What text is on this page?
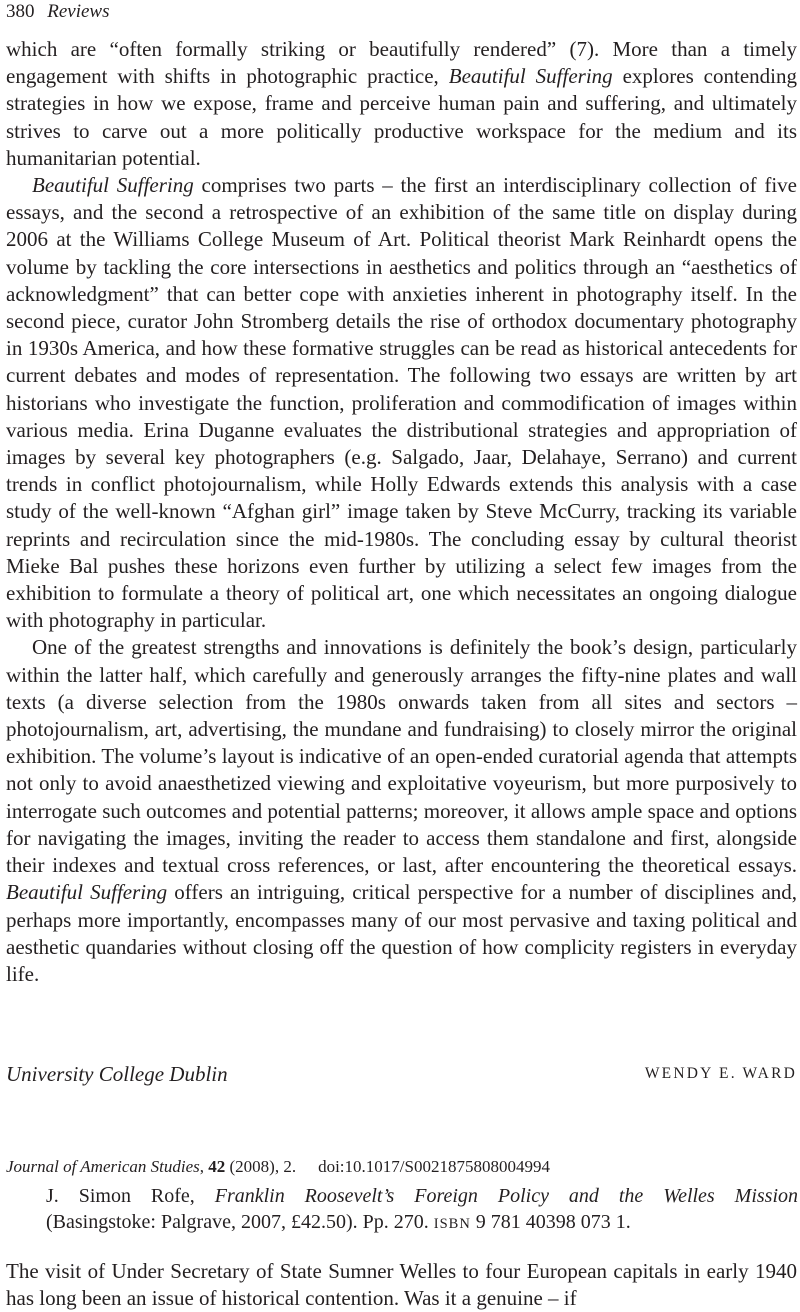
380 Reviews

which are “often formally striking or beautifully rendered” (7). More than a timely engagement with shifts in photographic practice, Beautiful Suffering explores contending strategies in how we expose, frame and perceive human pain and suffering, and ultimately strives to carve out a more politically productive workspace for the medium and its humanitarian potential.

Beautiful Suffering comprises two parts – the first an interdisciplinary collection of five essays, and the second a retrospective of an exhibition of the same title on display during 2006 at the Williams College Museum of Art. Political theorist Mark Reinhardt opens the volume by tackling the core intersections in aesthetics and politics through an “aesthetics of acknowledgment” that can better cope with anxieties inherent in photography itself. In the second piece, curator John Stromberg details the rise of orthodox documentary photography in 1930s America, and how these formative struggles can be read as historical antecedents for current debates and modes of representation. The following two essays are written by art historians who investigate the function, proliferation and commodification of images within various media. Erina Duganne evaluates the distributional strategies and appropriation of images by several key photographers (e.g. Salgado, Jaar, Delahaye, Serrano) and current trends in conflict photojournalism, while Holly Edwards extends this analysis with a case study of the well-known “Afghan girl” image taken by Steve McCurry, tracking its variable reprints and recirculation since the mid-1980s. The concluding essay by cultural theorist Mieke Bal pushes these horizons even further by utilizing a select few images from the exhibition to formulate a theory of political art, one which necessitates an ongoing dialogue with photography in particular.

One of the greatest strengths and innovations is definitely the book’s design, particularly within the latter half, which carefully and generously arranges the fifty-nine plates and wall texts (a diverse selection from the 1980s onwards taken from all sites and sectors – photojournalism, art, advertising, the mundane and fundraising) to closely mirror the original exhibition. The volume’s layout is indicative of an open-ended curatorial agenda that attempts not only to avoid anaesthetized viewing and exploitative voyeurism, but more purposively to interrogate such outcomes and potential patterns; moreover, it allows ample space and options for navigating the images, inviting the reader to access them standalone and first, alongside their indexes and textual cross references, or last, after encountering the theoretical essays. Beautiful Suffering offers an intriguing, critical perspective for a number of disciplines and, perhaps more importantly, encompasses many of our most pervasive and taxing political and aesthetic quandaries without closing off the question of how complicity registers in everyday life.

University College Dublin	WENDY E. WARD
Journal of American Studies, 42 (2008), 2. doi:10.1017/S0021875808004994
J. Simon Rofe, Franklin Roosevelt’s Foreign Policy and the Welles Mission
(Basingstoke: Palgrave, 2007, £42.50). Pp. 270. ISBN 9 781 40398 073 1.

The visit of Under Secretary of State Sumner Welles to four European capitals in early 1940 has long been an issue of historical contention. Was it a genuine – if
